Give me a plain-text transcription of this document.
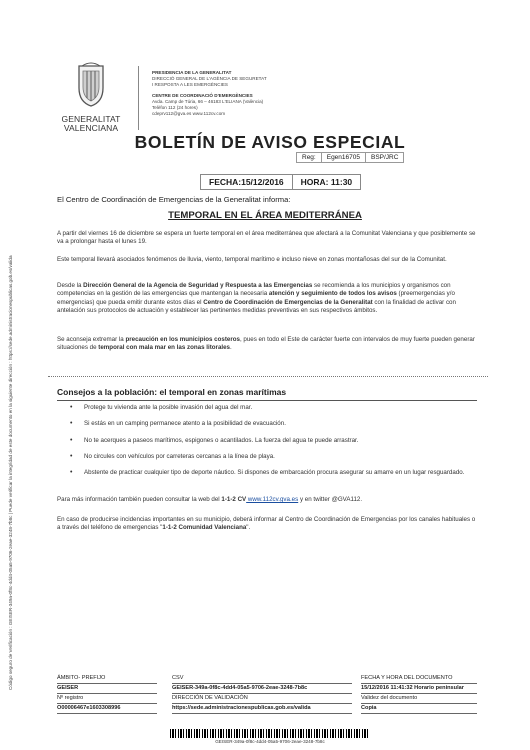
Código seguro de Verificación : GEISER-349a-0f8c-4dd4-05a5-9706-2eae-3248-7b8c | Puede verificar la integridad de este documento en la siguiente dirección : https://sede.administracionespublicas.gob.es/valida
GENERALITAT
VALENCIANA
PRESIDENCIA DE LA GENERALITAT
DIRECCIÓ GENERAL DE L'AGÈNCIA DE SEGURETAT
I RESPOSTA A LES EMERGÈNCIES
CENTRE DE COORDINACIÓ D'EMERGÈNCIES
Avda. Camp de Túria, 66 – 46183 L'ELIANA (València)
Telèfon 112 (24 hores)
cdeprv112@gva.es www.112cv.com
BOLETÍN DE AVISO ESPECIAL
Reg:	Egen16705	BSP/JRC
FECHA:15/12/2016	HORA: 11:30
El Centro de Coordinación de Emergencias de la Generalitat informa:
TEMPORAL EN EL ÁREA MEDITERRÁNEA
A partir del viernes 16 de diciembre se espera un fuerte temporal en el área mediterránea que afectará a la Comunitat Valenciana y que posiblemente se va a prolongar hasta el lunes 19.
Este temporal llevará asociados fenómenos de lluvia, viento, temporal marítimo e incluso nieve en zonas montañosas del sur de la Comunitat.
Desde la Dirección General de la Agencia de Seguridad y Respuesta a las Emergencias se recomienda a los municipios y organismos con competencias en la gestión de las emergencias que mantengan la necesaria atención y seguimiento de todos los avisos (preemergencias y/o emergencias) que pueda emitir durante estos días el Centro de Coordinación de Emergencias de la Generalitat con la finalidad de activar con antelación sus protocolos de actuación y establecer las pertinentes medidas preventivas en sus respectivos ámbitos.
Se aconseja extremar la precaución en los municipios costeros, pues en todo el Este de carácter fuerte con intervalos de muy fuerte pueden generar situaciones de temporal con mala mar en las zonas litorales.
Consejos a la población: el temporal en zonas marítimas
• Protege tu vivienda ante la posible invasión del agua del mar.
• Si estás en un camping permanece atento a la posibilidad de evacuación.
• No te acerques a paseos marítimos, espigones o acantilados. La fuerza del agua te puede arrastrar.
• No circules con vehículos por carreteras cercanas a la línea de playa.
• Abstente de practicar cualquier tipo de deporte náutico. Si dispones de embarcación procura asegurar su amarre en un lugar resguardado.
Para más información también pueden consultar la web del 1-1-2 CV www.112cv.gva.es y en twitter @GVA112.
En caso de producirse incidencias importantes en su municipio, deberá informar al Centro de Coordinación de Emergencias por los canales habituales o a través del teléfono de emergencias "1-1-2 Comunidad Valenciana".
ÁMBITO- PREFIJO
GEISER
Nº registro
O00006467e1603308996
CSV
GEISER-349a-0f8c-4dd4-05a5-9706-2eae-3248-7b8c
DIRECCIÓN DE VALIDACIÓN
https://sede.administracionespublicas.gob.es/valida
FECHA Y HORA DEL DOCUMENTO
15/12/2016 11:41:32 Horario peninsular
Validez del documento
Copia
GEISER-349a-0f8c-4dd4-05a5-9706-2eae-3248-7b8c
